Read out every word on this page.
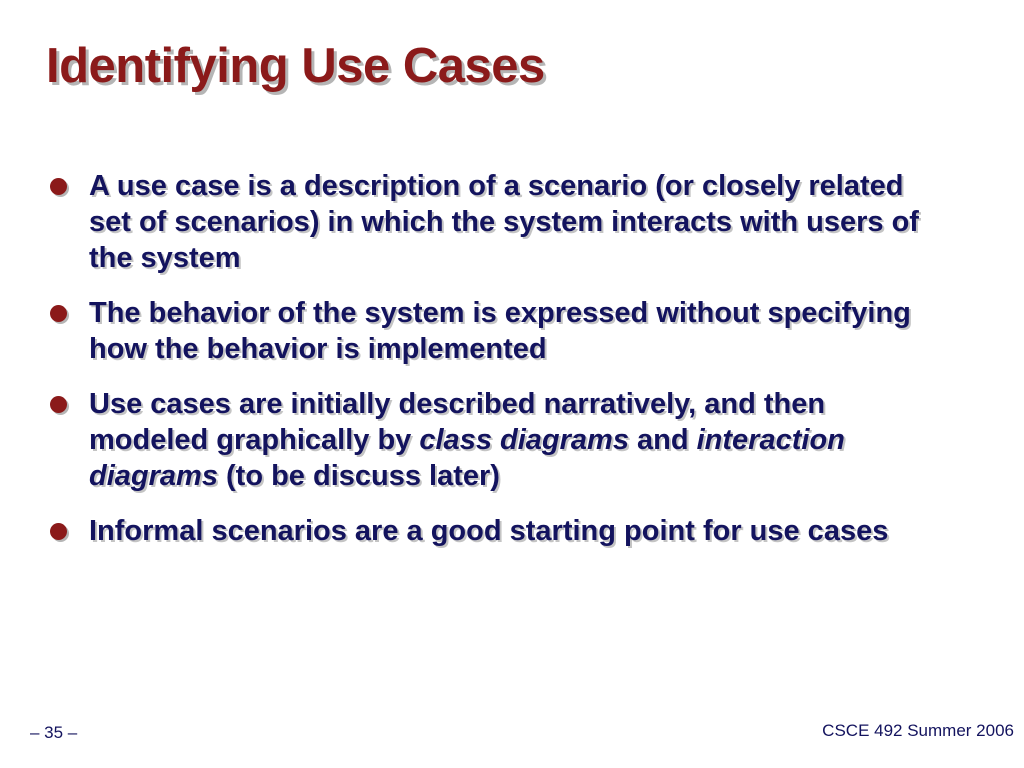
Identifying Use Cases
A use case is a description of a scenario (or closely related set of scenarios) in which the system interacts with users of the system
The behavior of the system is expressed without specifying how the behavior is implemented
Use cases are initially described narratively, and then modeled graphically by class diagrams and interaction diagrams (to be discuss later)
Informal scenarios are a good starting point for use cases
– 35 –	CSCE 492 Summer 2006
